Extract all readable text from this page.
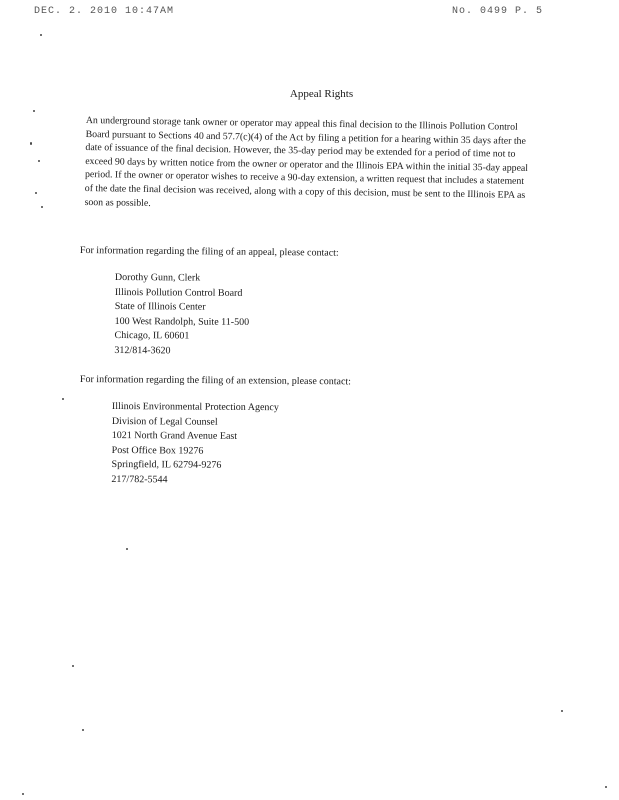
DEC. 2. 2010 10:47AM	No. 0499 P. 5
Appeal Rights
An underground storage tank owner or operator may appeal this final decision to the Illinois Pollution Control Board pursuant to Sections 40 and 57.7(c)(4) of the Act by filing a petition for a hearing within 35 days after the date of issuance of the final decision. However, the 35-day period may be extended for a period of time not to exceed 90 days by written notice from the owner or operator and the Illinois EPA within the initial 35-day appeal period. If the owner or operator wishes to receive a 90-day extension, a written request that includes a statement of the date the final decision was received, along with a copy of this decision, must be sent to the Illinois EPA as soon as possible.
For information regarding the filing of an appeal, please contact:
Dorothy Gunn, Clerk
Illinois Pollution Control Board
State of Illinois Center
100 West Randolph, Suite 11-500
Chicago, IL 60601
312/814-3620
For information regarding the filing of an extension, please contact:
Illinois Environmental Protection Agency
Division of Legal Counsel
1021 North Grand Avenue East
Post Office Box 19276
Springfield, IL 62794-9276
217/782-5544
